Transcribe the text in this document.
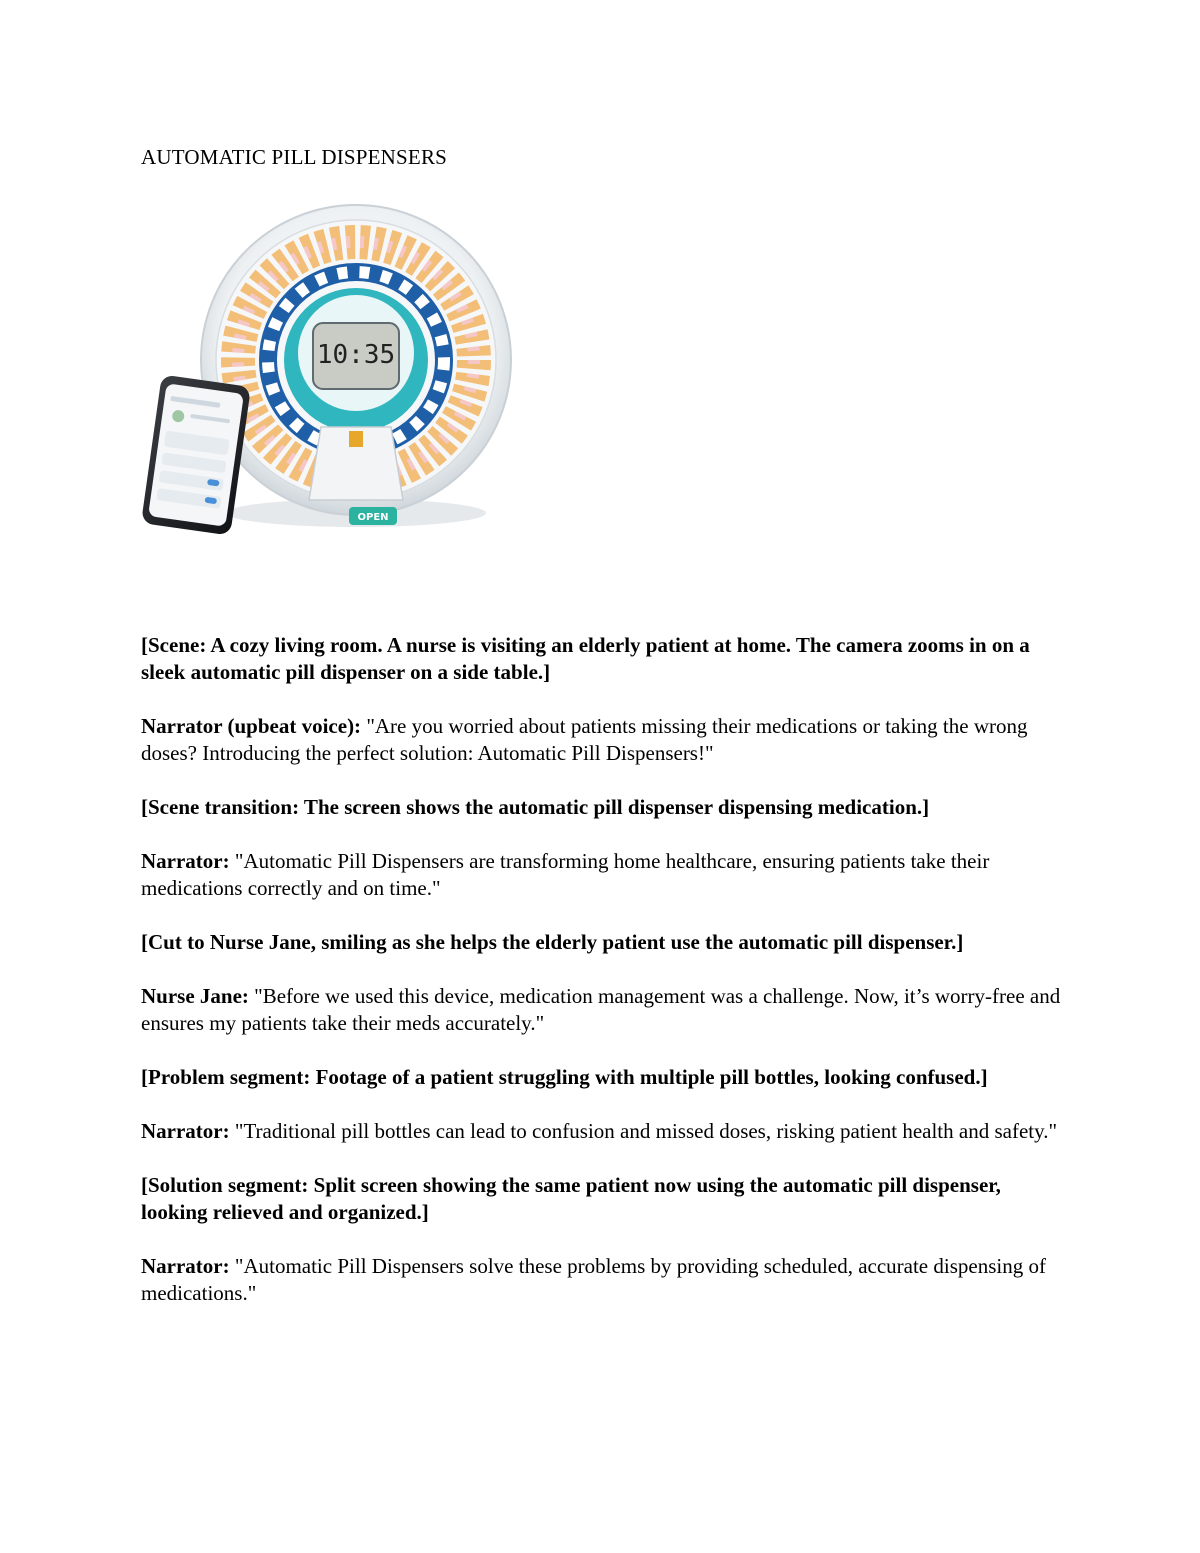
AUTOMATIC PILL DISPENSERS
10:35
OPEN

[Scene: A cozy living room. A nurse is visiting an elderly patient at home. The camera zooms in on a sleek automatic pill dispenser on a side table.]

Narrator (upbeat voice): "Are you worried about patients missing their medications or taking the wrong doses? Introducing the perfect solution: Automatic Pill Dispensers!"

[Scene transition: The screen shows the automatic pill dispenser dispensing medication.]

Narrator: "Automatic Pill Dispensers are transforming home healthcare, ensuring patients take their medications correctly and on time."

[Cut to Nurse Jane, smiling as she helps the elderly patient use the automatic pill dispenser.]

Nurse Jane: "Before we used this device, medication management was a challenge. Now, it’s worry-free and ensures my patients take their meds accurately."

[Problem segment: Footage of a patient struggling with multiple pill bottles, looking confused.]

Narrator: "Traditional pill bottles can lead to confusion and missed doses, risking patient health and safety."

[Solution segment: Split screen showing the same patient now using the automatic pill dispenser, looking relieved and organized.]

Narrator: "Automatic Pill Dispensers solve these problems by providing scheduled, accurate dispensing of medications."
